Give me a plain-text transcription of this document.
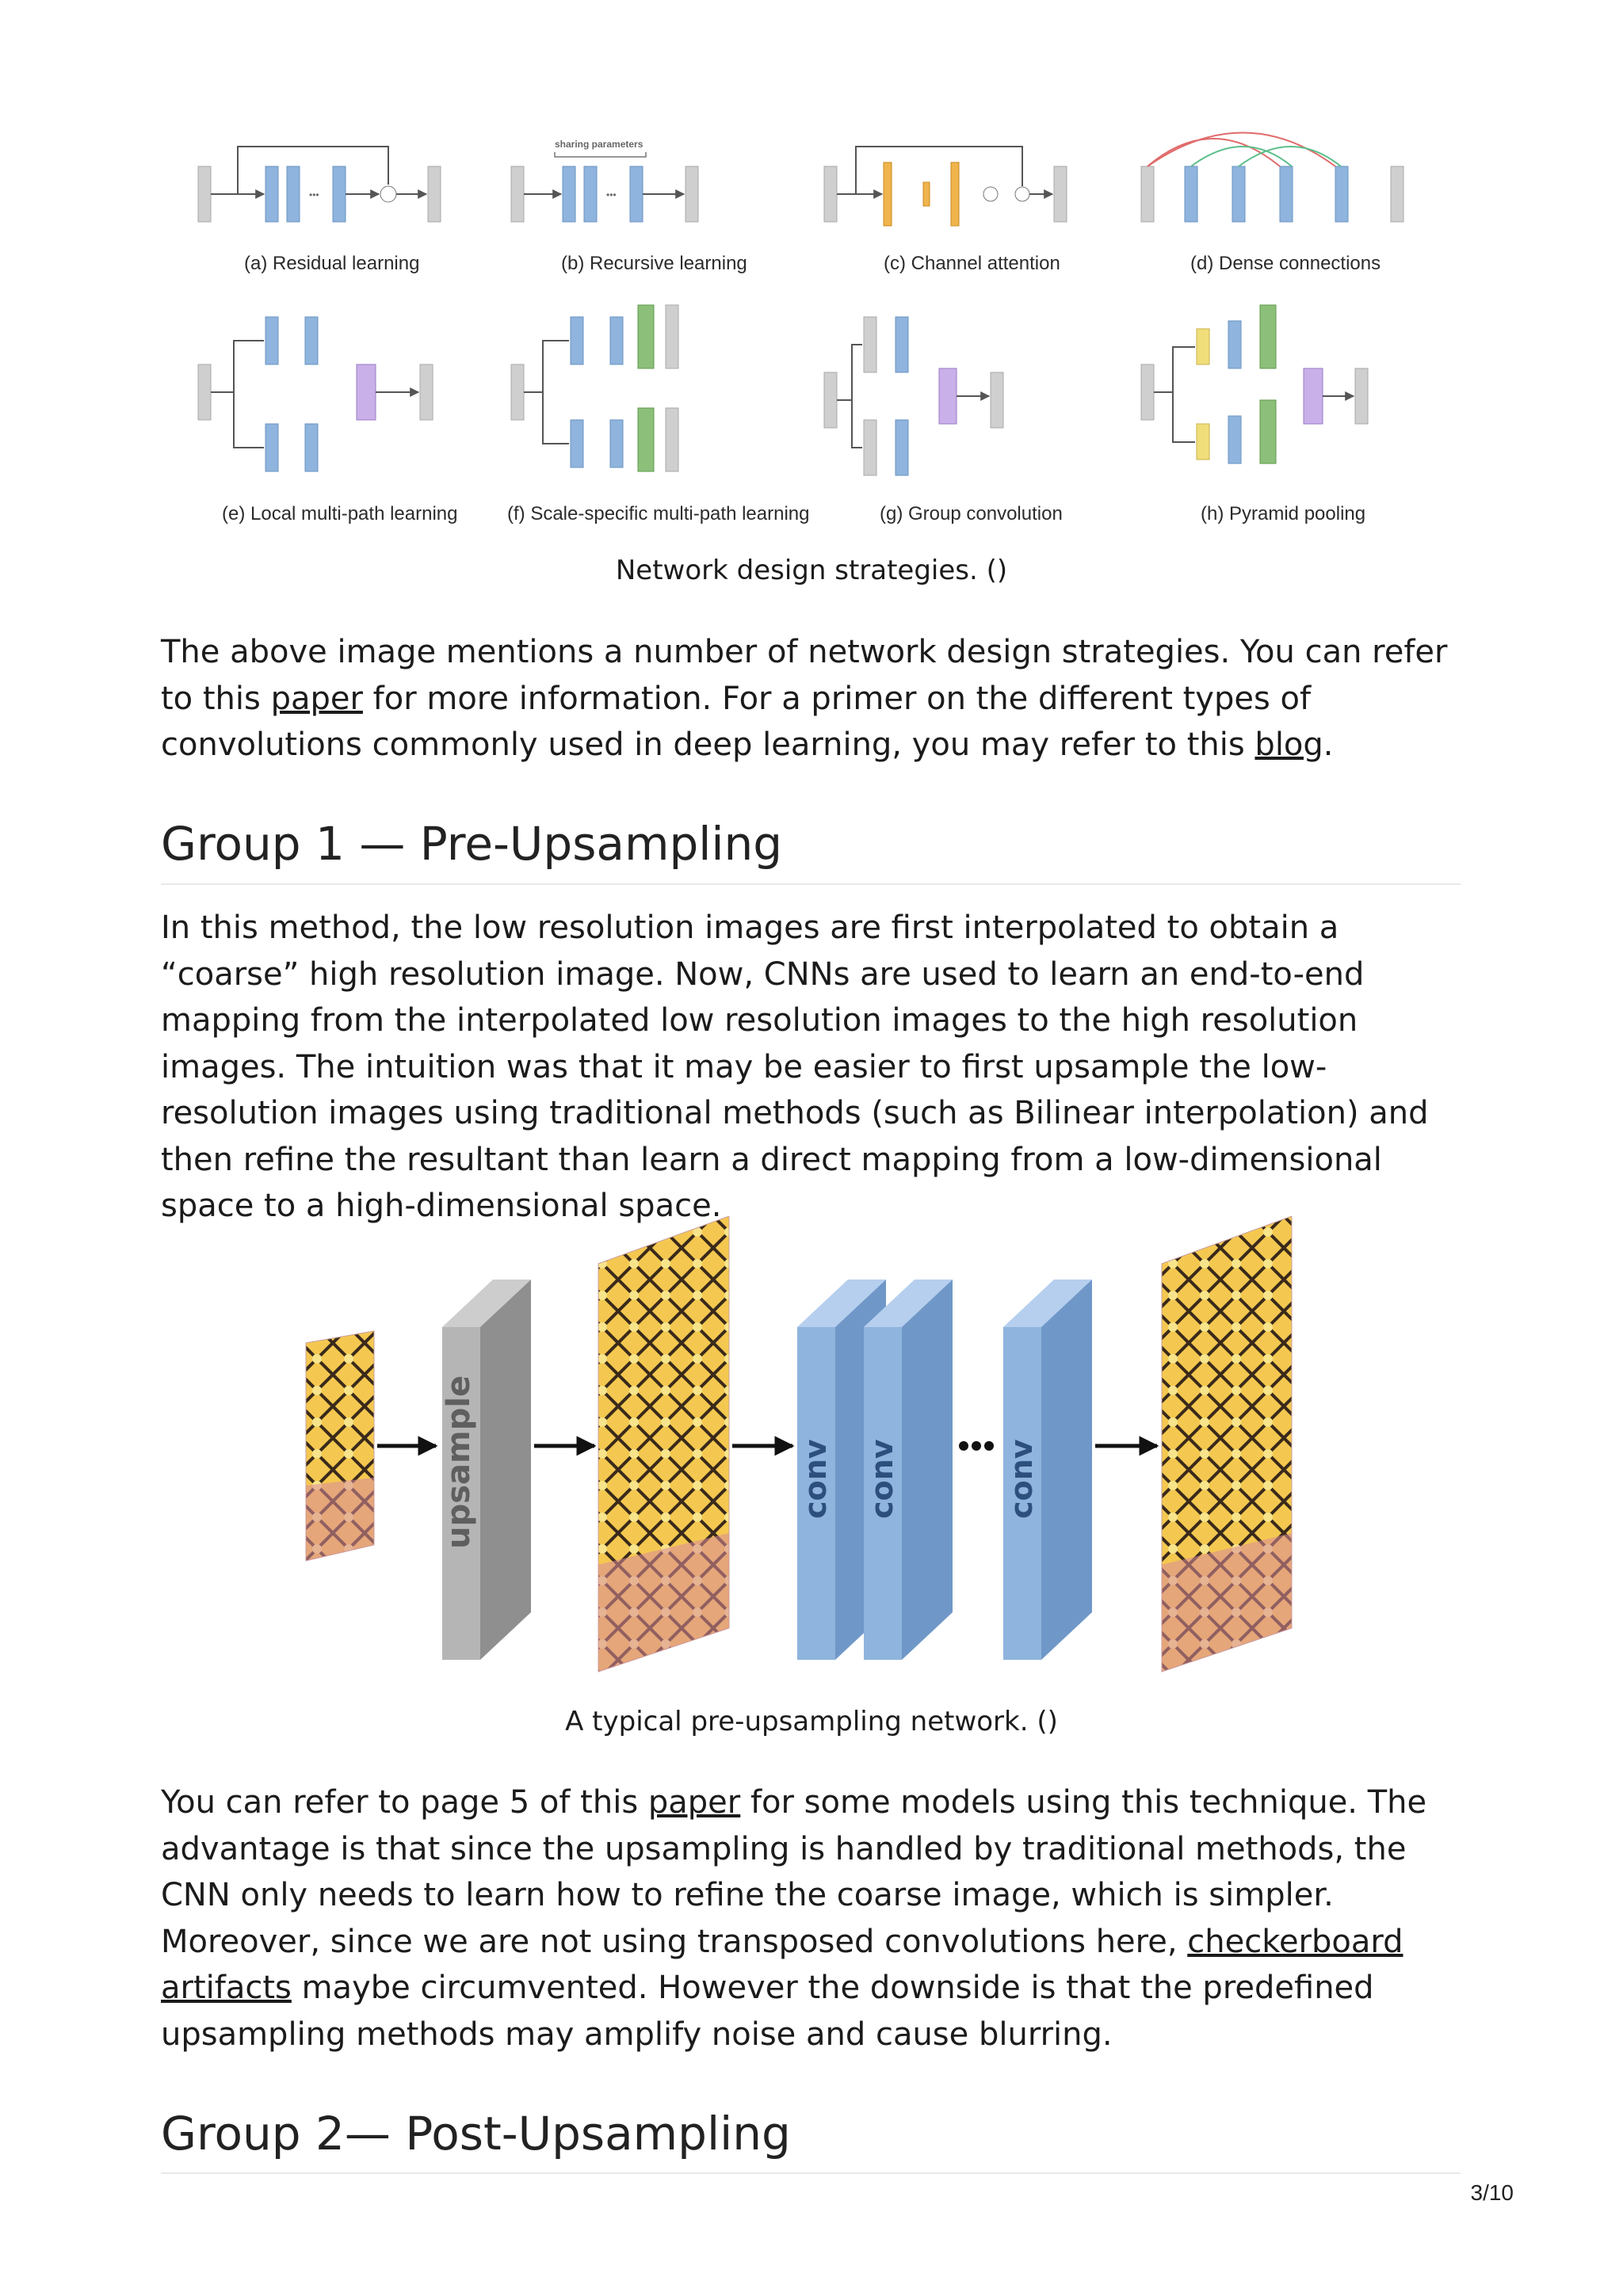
•••
(a) Residual learning
sharing parameters
•••
(b) Recursive learning	(c) Channel attention	(d) Dense connections
(e) Local multi-path learning	(f) Scale-specific multi-path learning	(g) Group convolution	(h) Pyramid pooling
Network design strategies. ()

The above image mentions a number of network design strategies. You can refer to this paper for more information. For a primer on the different types of convolutions commonly used in deep learning, you may refer to this blog.

Group 1 — Pre-Upsampling

In this method, the low resolution images are first interpolated to obtain a “coarse” high resolution image. Now, CNNs are used to learn an end-to-end mapping from the interpolated low resolution images to the high resolution images. The intuition was that it may be easier to first upsample the low-resolution images using traditional methods (such as Bilinear interpolation) and then refine the resultant than learn a direct mapping from a low-dimensional space to a high-dimensional space.

upsample	conv conv	conv
A typical pre-upsampling network. ()

You can refer to page 5 of this paper for some models using this technique. The advantage is that since the upsampling is handled by traditional methods, the CNN only needs to learn how to refine the coarse image, which is simpler. Moreover, since we are not using transposed convolutions here, checkerboard artifacts maybe circumvented. However the downside is that the predefined upsampling methods may amplify noise and cause blurring.

Group 2— Post-Upsampling
3/10
